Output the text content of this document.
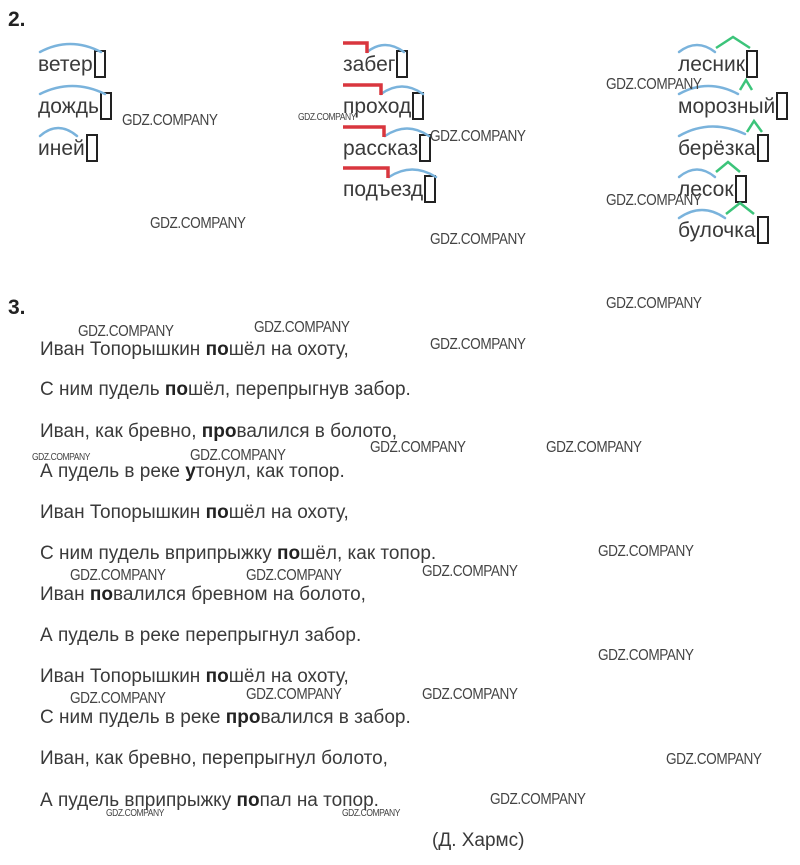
2.
ветер
дождь
иней
забег
проход
рассказ
подъезд
лесник
морозный
берёзка
лесок
булочка
3.
Иван Топорышкин пошёл на охоту,
С ним пудель пошёл, перепрыгнув забор.
Иван, как бревно, провалился в болото,
А пудель в реке утонул, как топор.
Иван Топорышкин пошёл на охоту,
С ним пудель вприпрыжку пошёл, как топор.
Иван повалился бревном на болото,
А пудель в реке перепрыгнул забор.
Иван Топорышкин пошёл на охоту,
С ним пудель в реке провалился в забор.
Иван, как бревно, перепрыгнул болото,
А пудель вприпрыжку попал на топор.
(Д. Хармс)
GDZ.COMPANY	GDZ.COMPANY
GDZ.COMPANY
GDZ.COMPANY
GDZ.COMPANY
GDZ.COMPANY
GDZ.COMPANY
GDZ.COMPANY
GDZ.COMPANY	GDZ.COMPANY
GDZ.COMPANY
GDZ.COMPANY	GDZ.COMPANY	GDZ.COMPANY	GDZ.COMPANY
GDZ.COMPANY
GDZ.COMPANY	GDZ.COMPANY	GDZ.COMPANY
GDZ.COMPANY
GDZ.COMPANY	GDZ.COMPANY	GDZ.COMPANY
GDZ.COMPANY
GDZ.COMPANY
GDZ.COMPANY	GDZ.COMPANY
